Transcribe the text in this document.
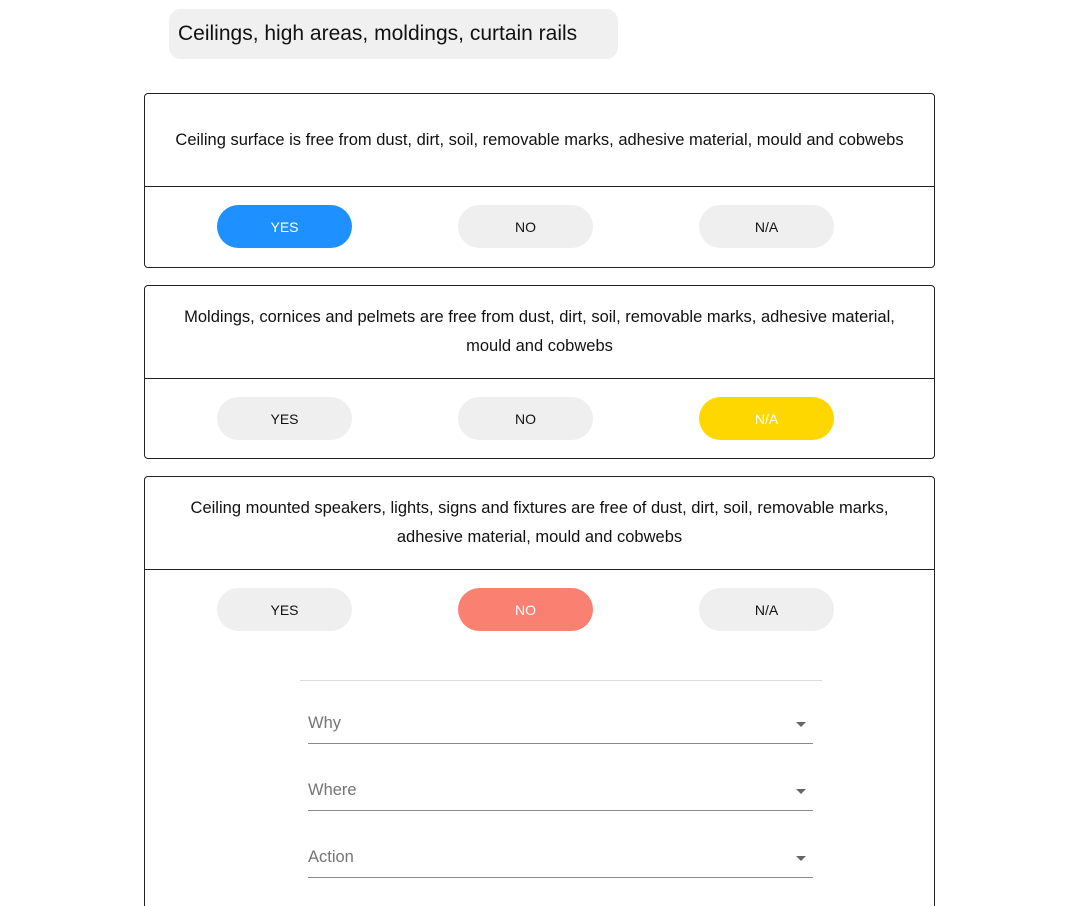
Ceilings, high areas, moldings, curtain rails
Ceiling surface is free from dust, dirt, soil, removable marks, adhesive material, mould and cobwebs
YES	NO	N/A
Moldings, cornices and pelmets are free from dust, dirt, soil, removable marks, adhesive material, mould and cobwebs
YES	NO	N/A
Ceiling mounted speakers, lights, signs and fixtures are free of dust, dirt, soil, removable marks, adhesive material, mould and cobwebs
YES	NO	N/A
Why
Where
Action
